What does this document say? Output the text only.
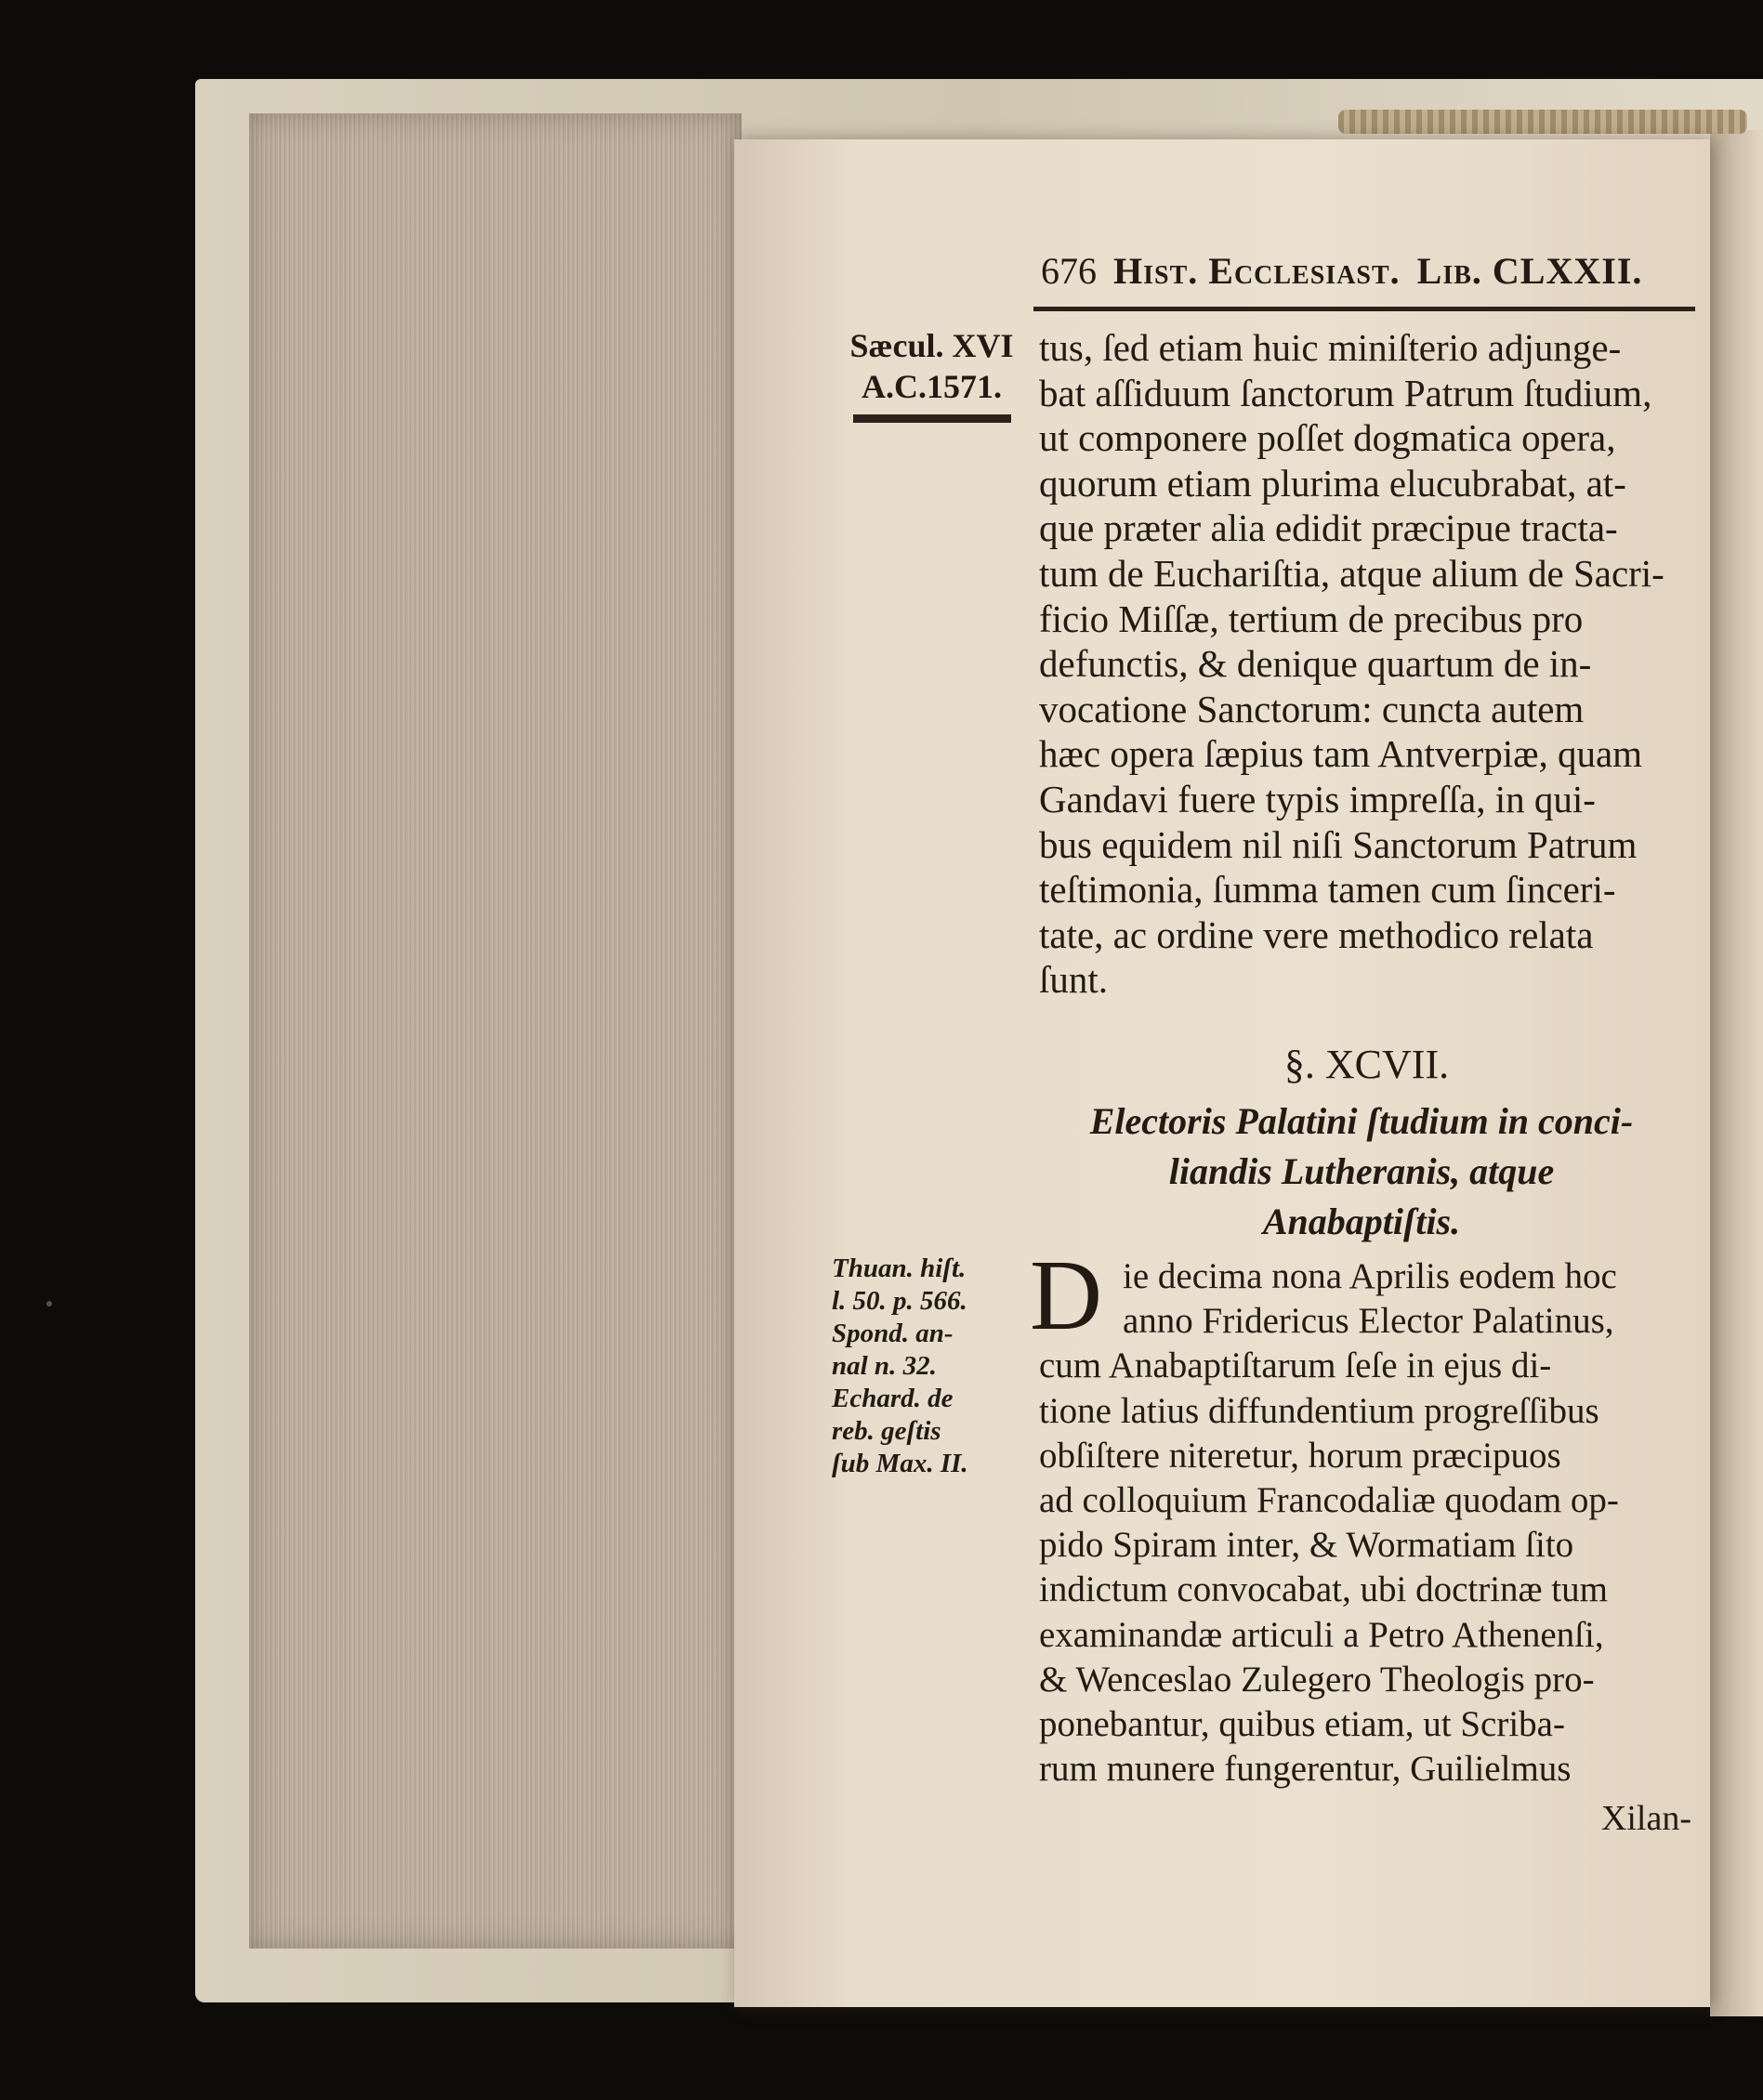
676 Hist. Ecclesiast. Lib. CLXXII.
Sæcul. XVI
A.C.1571.
tus, ſed etiam huic miniſterio adjunge-
bat aſſiduum ſanctorum Patrum ſtudium,
ut componere poſſet dogmatica opera,
quorum etiam plurima elucubrabat, at-
que præter alia edidit præcipue tracta-
tum de Euchariſtia, atque alium de Sacri-
ficio Miſſæ, tertium de precibus pro
defunctis, & denique quartum de in-
vocatione Sanctorum: cuncta autem
hæc opera ſæpius tam Antverpiæ, quam
Gandavi fuere typis impreſſa, in qui-
bus equidem nil niſi Sanctorum Patrum
teſtimonia, ſumma tamen cum ſinceri-
tate, ac ordine vere methodico relata
ſunt.
§. XCVII.
Electoris Palatini ſtudium in conci-
liandis Lutheranis, atque
Anabaptiſtis.
Thuan. hiſt.
l. 50. p. 566.
Spond. an-
nal n. 32.
Echard. de
reb. geſtis
ſub Max. II.
D ie decima nona Aprilis eodem hoc
anno Fridericus Elector Palatinus,
cum Anabaptiſtarum ſeſe in ejus di-
tione latius diffundentium progreſſibus
obſiſtere niteretur, horum præcipuos
ad colloquium Francodaliæ quodam op-
pido Spiram inter, & Wormatiam ſito
indictum convocabat, ubi doctrinæ tum
examinandæ articuli a Petro Athenenſi,
& Wenceslao Zulegero Theologis pro-
ponebantur, quibus etiam, ut Scriba-
rum munere fungerentur, Guilielmus
Xilan-
